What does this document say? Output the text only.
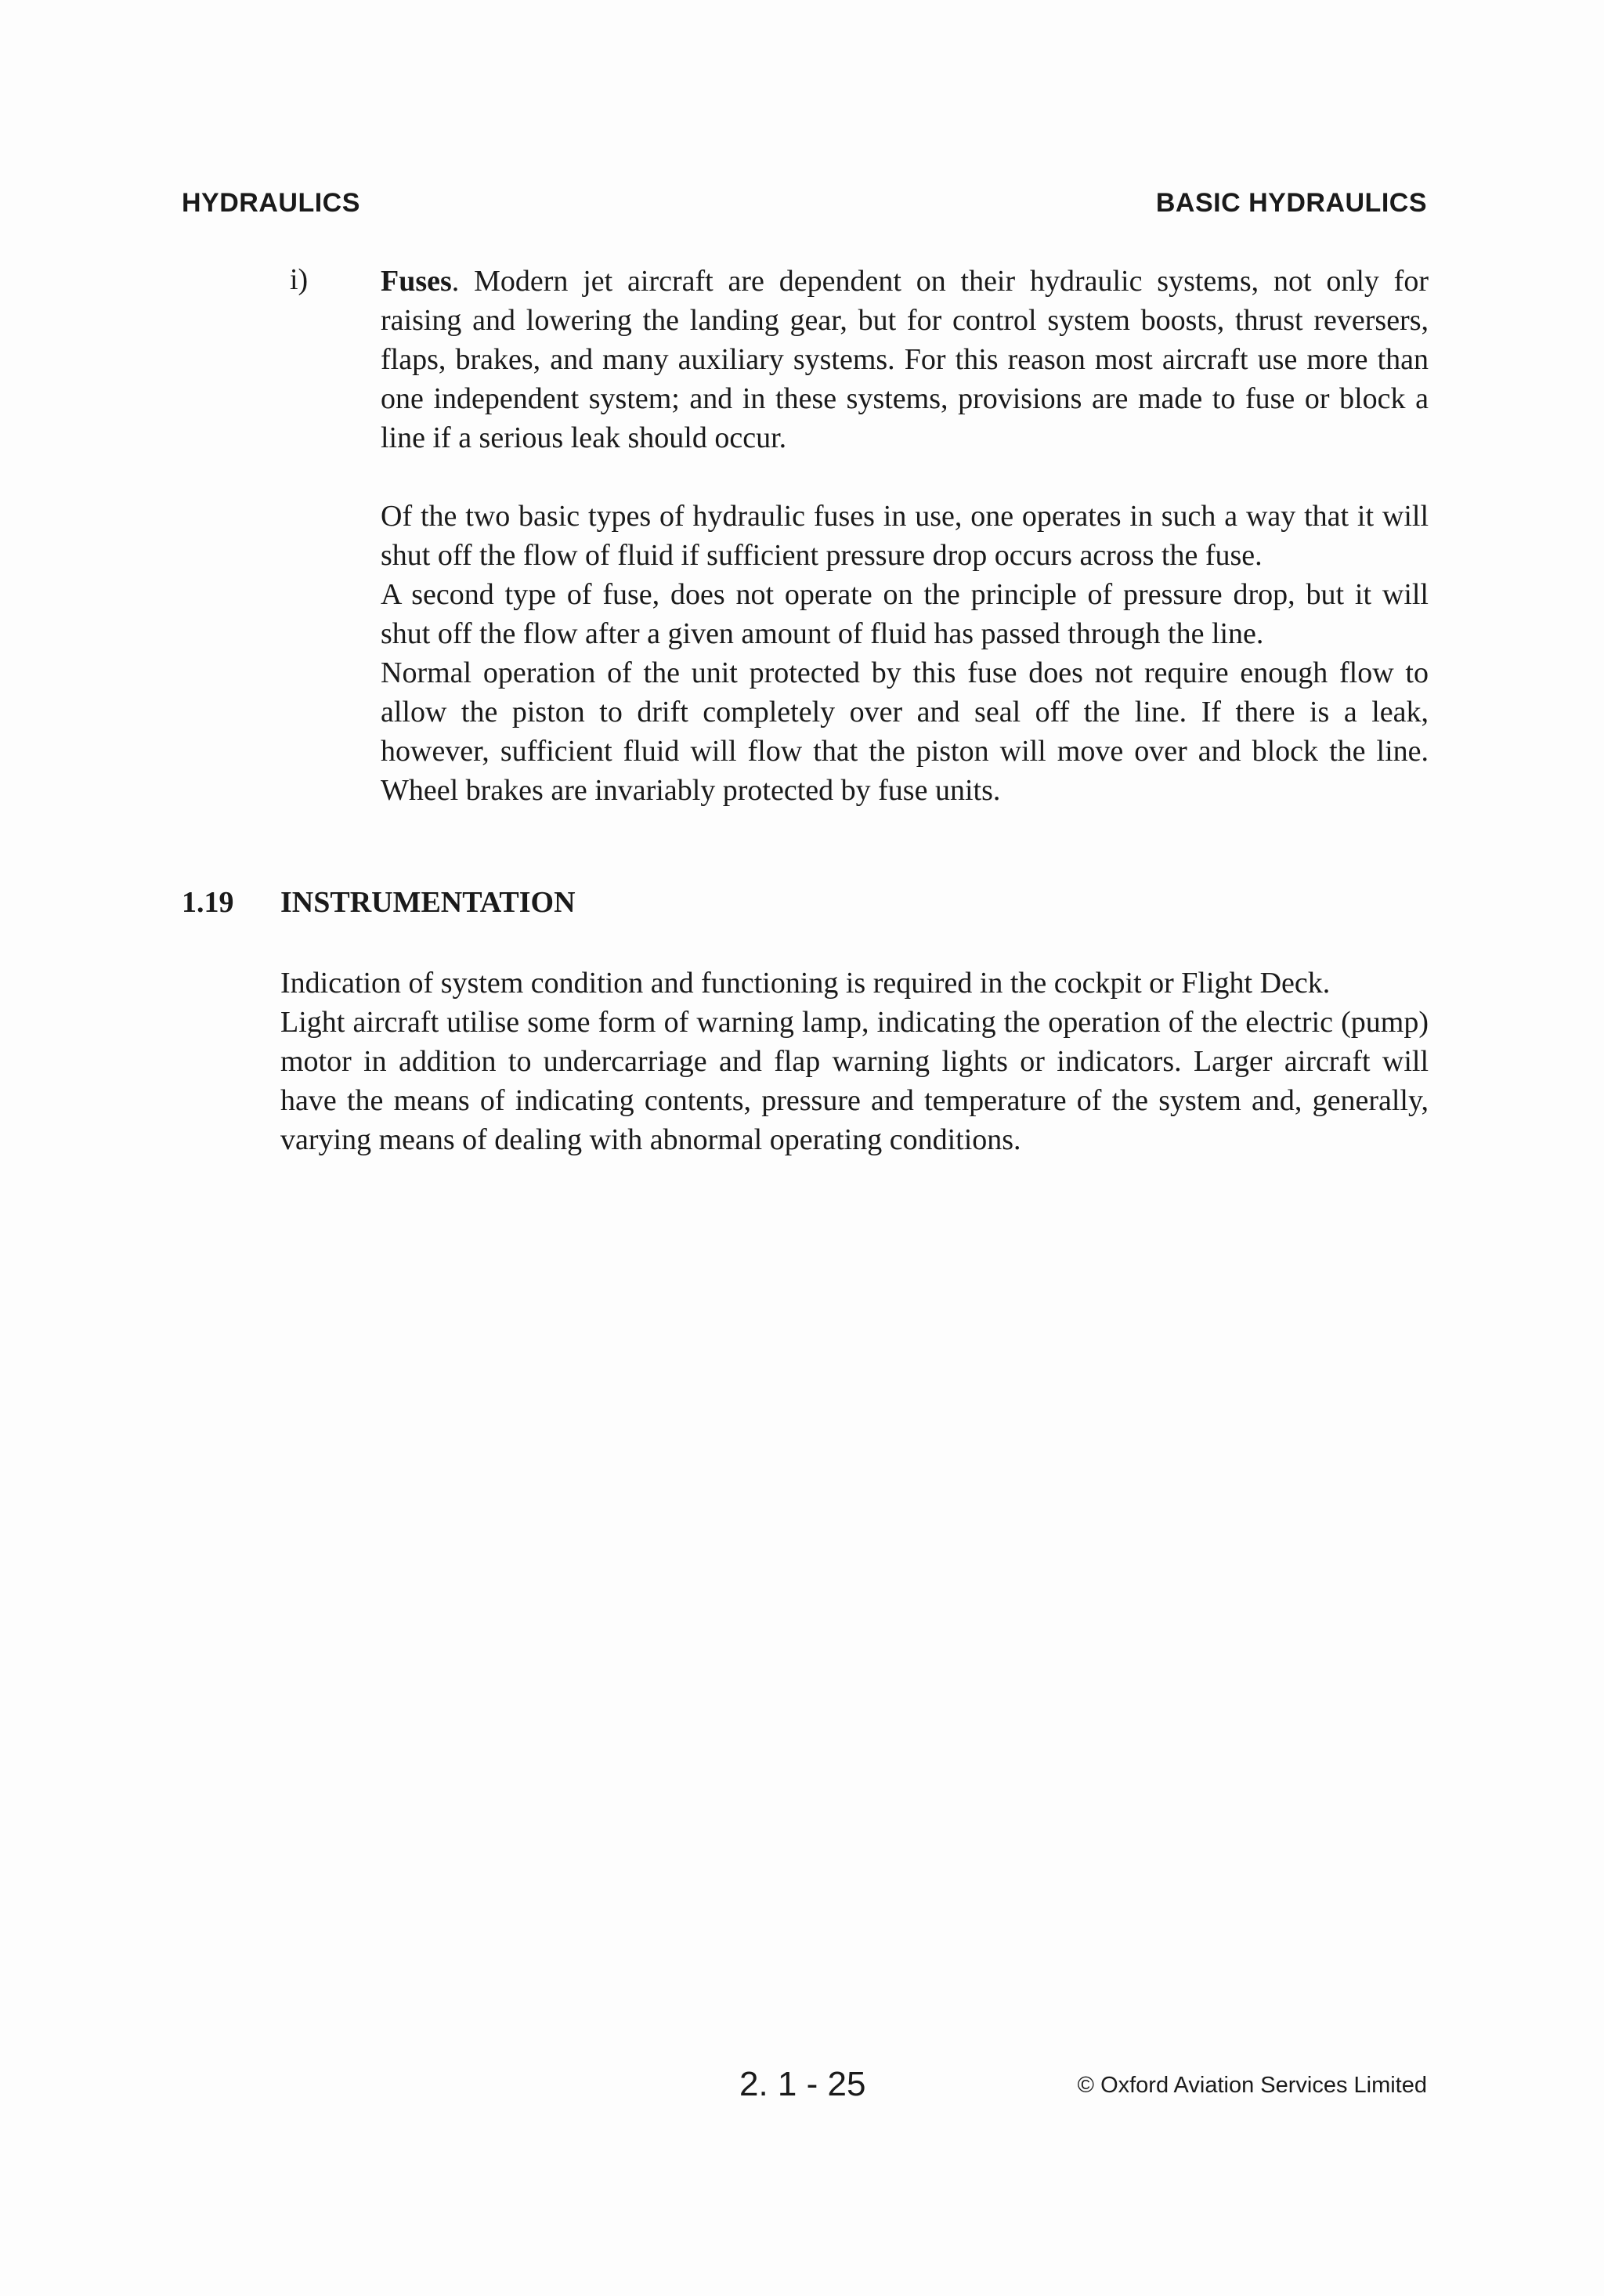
HYDRAULICS	BASIC HYDRAULICS
i) Fuses. Modern jet aircraft are dependent on their hydraulic systems, not only for raising and lowering the landing gear, but for control system boosts, thrust reversers, flaps, brakes, and many auxiliary systems. For this reason most aircraft use more than one independent system; and in these systems, provisions are made to fuse or block a line if a serious leak should occur.

Of the two basic types of hydraulic fuses in use, one operates in such a way that it will shut off the flow of fluid if sufficient pressure drop occurs across the fuse.

A second type of fuse, does not operate on the principle of pressure drop, but it will shut off the flow after a given amount of fluid has passed through the line.

Normal operation of the unit protected by this fuse does not require enough flow to allow the piston to drift completely over and seal off the line. If there is a leak, however, sufficient fluid will flow that the piston will move over and block the line. Wheel brakes are invariably protected by fuse units.

1.19 INSTRUMENTATION

Indication of system condition and functioning is required in the cockpit or Flight Deck.

Light aircraft utilise some form of warning lamp, indicating the operation of the electric (pump) motor in addition to undercarriage and flap warning lights or indicators. Larger aircraft will have the means of indicating contents, pressure and temperature of the system and, generally, varying means of dealing with abnormal operating conditions.

2. 1 - 25	© Oxford Aviation Services Limited
